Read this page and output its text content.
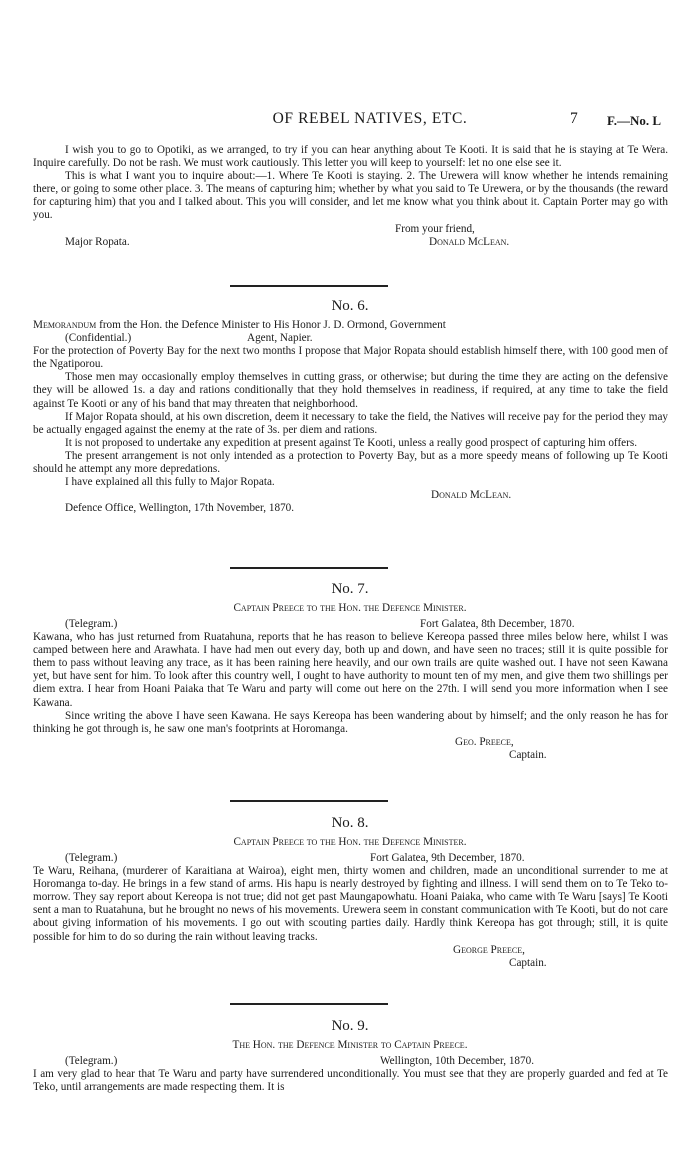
OF REBEL NATIVES, ETC.	7 F.—No. L

I wish you to go to Opotiki, as we arranged, to try if you can hear anything about Te Kooti. It is said that he is staying at Te Wera. Inquire carefully. Do not be rash. We must work cautiously. This letter you will keep to yourself: let no one else see it.

This is what I want you to inquire about:—1. Where Te Kooti is staying. 2. The Urewera will know whether he intends remaining there, or going to some other place. 3. The means of capturing him; whether by what you said to Te Urewera, or by the thousands (the reward for capturing him) that you and I talked about. This you will consider, and let me know what you think about it. Captain Porter may go with you.

From your friend,
Major Ropata.	Donald McLean.
No. 6.

Memorandum from the Hon. the Defence Minister to His Honor J. D. Ormond, Government

(Confidential.)	Agent, Napier.

For the protection of Poverty Bay for the next two months I propose that Major Ropata should establish himself there, with 100 good men of the Ngatiporou.

Those men may occasionally employ themselves in cutting grass, or otherwise; but during the time they are acting on the defensive they will be allowed 1s. a day and rations conditionally that they hold themselves in readiness, if required, at any time to take the field against Te Kooti or any of his band that may threaten that neighborhood.

If Major Ropata should, at his own discretion, deem it necessary to take the field, the Natives will receive pay for the period they may be actually engaged against the enemy at the rate of 3s. per diem and rations.

It is not proposed to undertake any expedition at present against Te Kooti, unless a really good prospect of capturing him offers.

The present arrangement is not only intended as a protection to Poverty Bay, but as a more speedy means of following up Te Kooti should he attempt any more depredations.

I have explained all this fully to Major Ropata.

Donald McLean.
Defence Office, Wellington, 17th November, 1870.
No. 7.
Captain Preece to the Hon. the Defence Minister.
(Telegram.)	Fort Galatea, 8th December, 1870.

Kawana, who has just returned from Ruatahuna, reports that he has reason to believe Kereopa passed three miles below here, whilst I was camped between here and Arawhata. I have had men out every day, both up and down, and have seen no traces; still it is quite possible for them to pass without leaving any trace, as it has been raining here heavily, and our own trails are quite washed out. I have not seen Kawana yet, but have sent for him. To look after this country well, I ought to have authority to mount ten of my men, and give them two shillings per diem extra. I hear from Hoani Paiaka that Te Waru and party will come out here on the 27th. I will send you more information when I see Kawana.

Since writing the above I have seen Kawana. He says Kereopa has been wandering about by himself; and the only reason he has for thinking he got through is, he saw one man's footprints at Horomanga.

Geo. Preece,
Captain.
No. 8.
Captain Preece to the Hon. the Defence Minister.
(Telegram.)	Fort Galatea, 9th December, 1870.

Te Waru, Reihana, (murderer of Karaitiana at Wairoa), eight men, thirty women and children, made an unconditional surrender to me at Horomanga to-day. He brings in a few stand of arms. His hapu is nearly destroyed by fighting and illness. I will send them on to Te Teko to-morrow. They say report about Kereopa is not true; did not get past Maungapowhatu. Hoani Paiaka, who came with Te Waru [says] Te Kooti sent a man to Ruatahuna, but he brought no news of his movements. Urewera seem in constant communication with Te Kooti, but do not care about giving information of his movements. I go out with scouting parties daily. Hardly think Kereopa has got through; still, it is quite possible for him to do so during the rain without leaving tracks.

George Preece,
Captain.
No. 9.
The Hon. the Defence Minister to Captain Preece.
(Telegram.)	Wellington, 10th December, 1870.

I am very glad to hear that Te Waru and party have surrendered unconditionally. You must see that they are properly guarded and fed at Te Teko, until arrangements are made respecting them. It is
